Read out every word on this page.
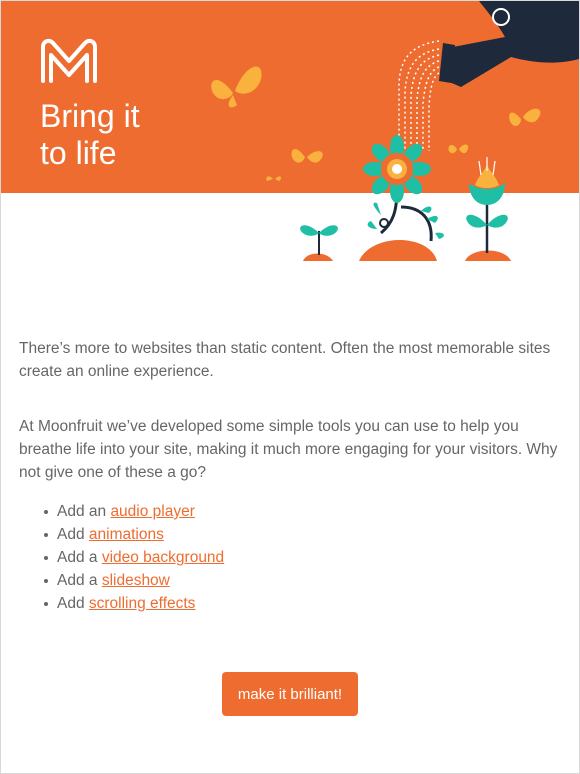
Bring it
to life

There’s more to websites than static content. Often the most memorable sites create an online experience.

At Moonfruit we’ve developed some simple tools you can use to help you breathe life into your site, making it much more engaging for your visitors. Why not give one of these a go?

Add an audio player
Add animations
Add a video background
Add a slideshow
Add scrolling effects
make it brilliant!
